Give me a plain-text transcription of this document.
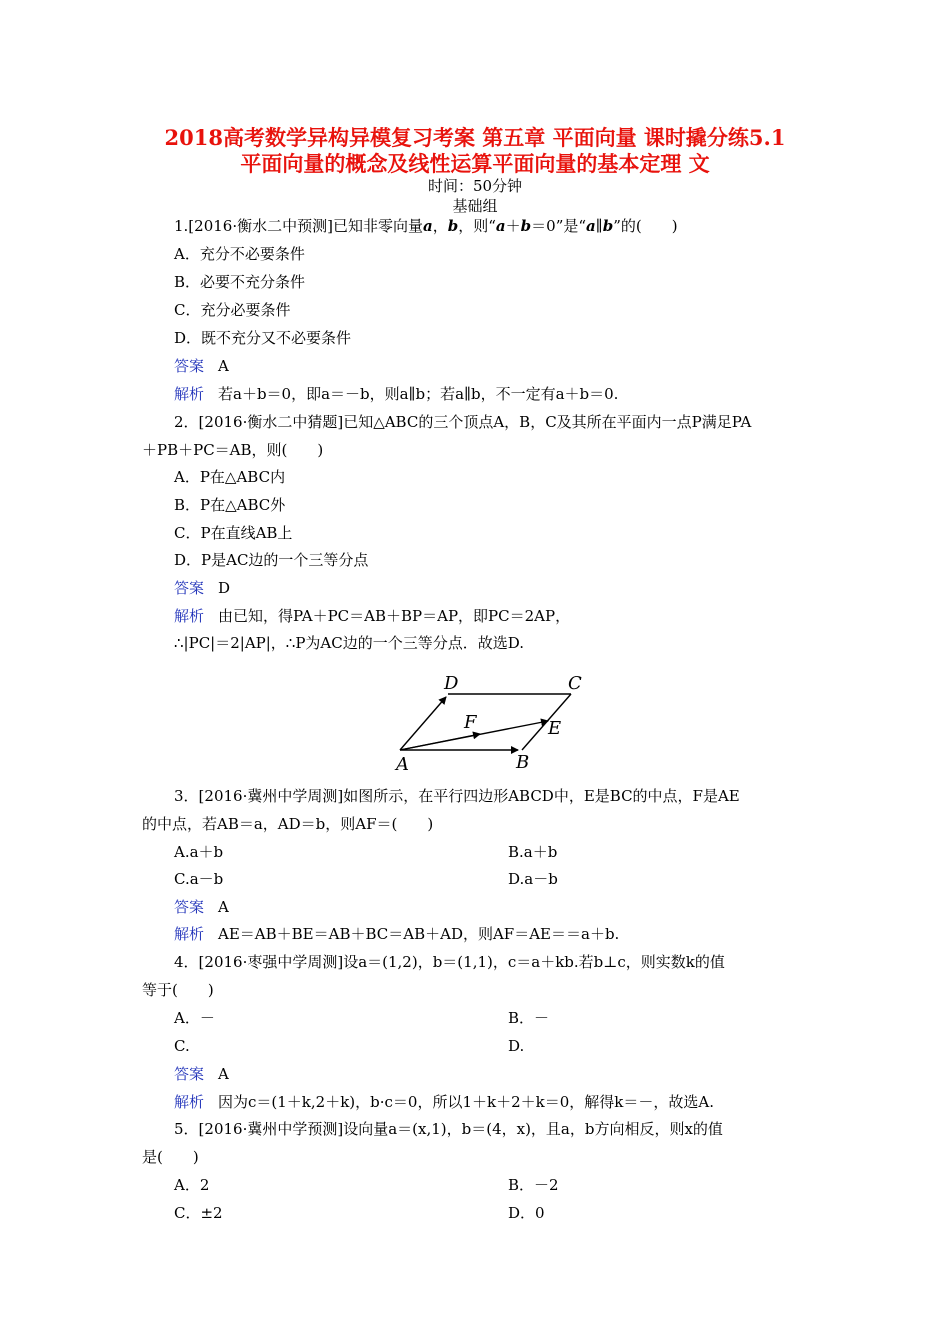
2018高考数学异构异模复习考案 第五章 平面向量 课时撬分练5.1
平面向量的概念及线性运算平面向量的基本定理 文
时间：50分钟
基础组
1.[2016·衡水二中预测]已知非零向量a，b，则“a＋b＝0”是“a∥b”的(　　)
A．充分不必要条件
B．必要不充分条件
C．充分必要条件
D．既不充分又不必要条件
答案 A
解析 若a＋b＝0，即a＝－b，则a∥b；若a∥b，不一定有a＋b＝0.
2．[2016·衡水二中猜题]已知△ABC的三个顶点A，B，C及其所在平面内一点P满足PA
＋PB＋PC＝AB，则(　　)
A．P在△ABC内
B．P在△ABC外
C．P在直线AB上
D．P是AC边的一个三等分点
答案 D
解析 由已知，得PA＋PC＝AB＋BP＝AP，即PC＝2AP，
∴|PC|＝2|AP|，∴P为AC边的一个三等分点．故选D.
D	C
F	E
A	B
3．[2016·冀州中学周测]如图所示，在平行四边形ABCD中，E是BC的中点，F是AE
的中点，若AB＝a，AD＝b，则AF＝(　　)
A.a＋b	B.a＋b
C.a－b	D.a－b
答案 A
解析 AE＝AB＋BE＝AB＋BC＝AB＋AD，则AF＝AE＝＝a＋b.
4．[2016·枣强中学周测]设a＝(1,2)，b＝(1,1)，c＝a＋kb.若b⊥c，则实数k的值
等于(　　)
A．－	B．－
C.	D.
答案 A
解析 因为c＝(1＋k,2＋k)，b·c＝0，所以1＋k＋2＋k＝0，解得k＝－，故选A.
5．[2016·冀州中学预测]设向量a＝(x,1)，b＝(4，x)，且a，b方向相反，则x的值
是(　　)
A．2	B．－2
C．±2	D．0
